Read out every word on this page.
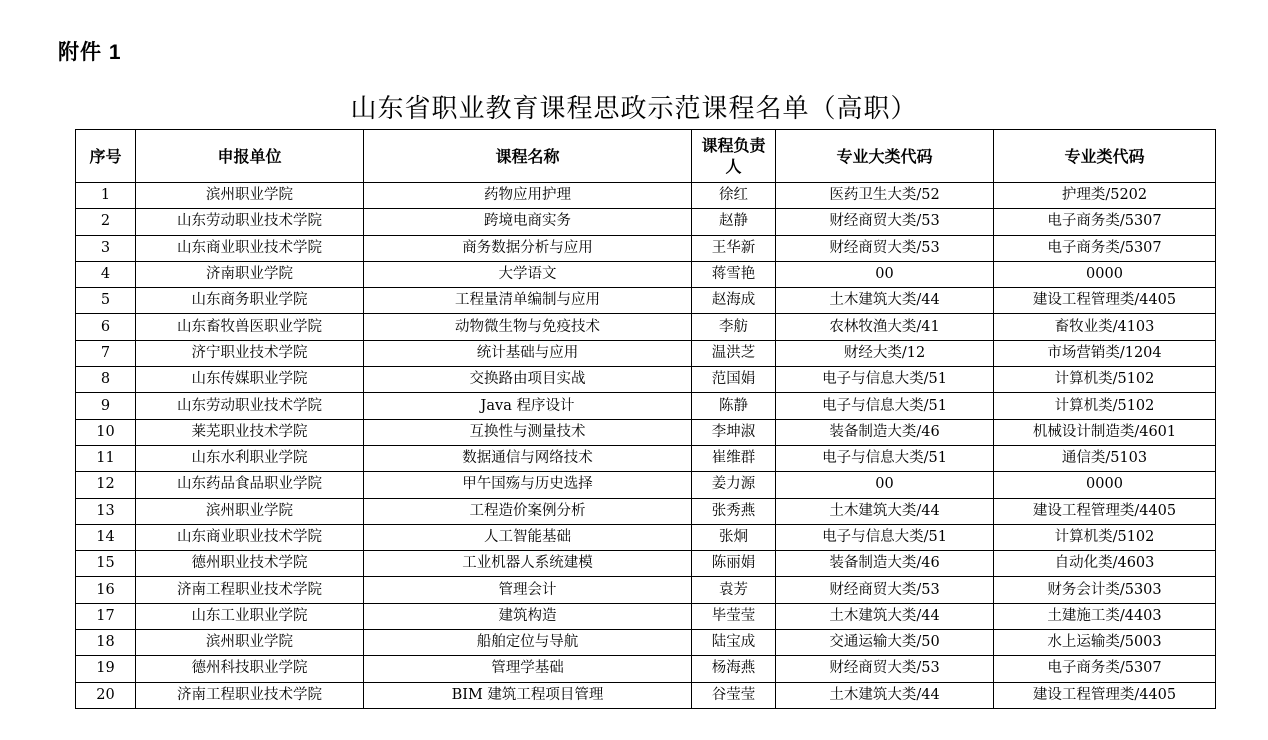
附件 1
山东省职业教育课程思政示范课程名单（高职）
序号	申报单位	课程名称	课程负责人	专业大类代码	专业类代码
1	滨州职业学院	药物应用护理	徐红	医药卫生大类/52	护理类/5202
2	山东劳动职业技术学院	跨境电商实务	赵静	财经商贸大类/53	电子商务类/5307
3	山东商业职业技术学院	商务数据分析与应用	王华新	财经商贸大类/53	电子商务类/5307
4	济南职业学院	大学语文	蒋雪艳	00	0000
5	山东商务职业学院	工程量清单编制与应用	赵海成	土木建筑大类/44	建设工程管理类/4405
6	山东畜牧兽医职业学院	动物微生物与免疫技术	李舫	农林牧渔大类/41	畜牧业类/4103
7	济宁职业技术学院	统计基础与应用	温洪芝	财经大类/12	市场营销类/1204
8	山东传媒职业学院	交换路由项目实战	范国娟	电子与信息大类/51	计算机类/5102
9	山东劳动职业技术学院	Java 程序设计	陈静	电子与信息大类/51	计算机类/5102
10	莱芜职业技术学院	互换性与测量技术	李坤淑	装备制造大类/46	机械设计制造类/4601
11	山东水利职业学院	数据通信与网络技术	崔维群	电子与信息大类/51	通信类/5103
12	山东药品食品职业学院	甲午国殇与历史选择	姜力源	00	0000
13	滨州职业学院	工程造价案例分析	张秀燕	土木建筑大类/44	建设工程管理类/4405
14	山东商业职业技术学院	人工智能基础	张炯	电子与信息大类/51	计算机类/5102
15	德州职业技术学院	工业机器人系统建模	陈丽娟	装备制造大类/46	自动化类/4603
16	济南工程职业技术学院	管理会计	袁芳	财经商贸大类/53	财务会计类/5303
17	山东工业职业学院	建筑构造	毕莹莹	土木建筑大类/44	土建施工类/4403
18	滨州职业学院	船舶定位与导航	陆宝成	交通运输大类/50	水上运输类/5003
19	德州科技职业学院	管理学基础	杨海燕	财经商贸大类/53	电子商务类/5307
20	济南工程职业技术学院	BIM 建筑工程项目管理	谷莹莹	土木建筑大类/44	建设工程管理类/4405
